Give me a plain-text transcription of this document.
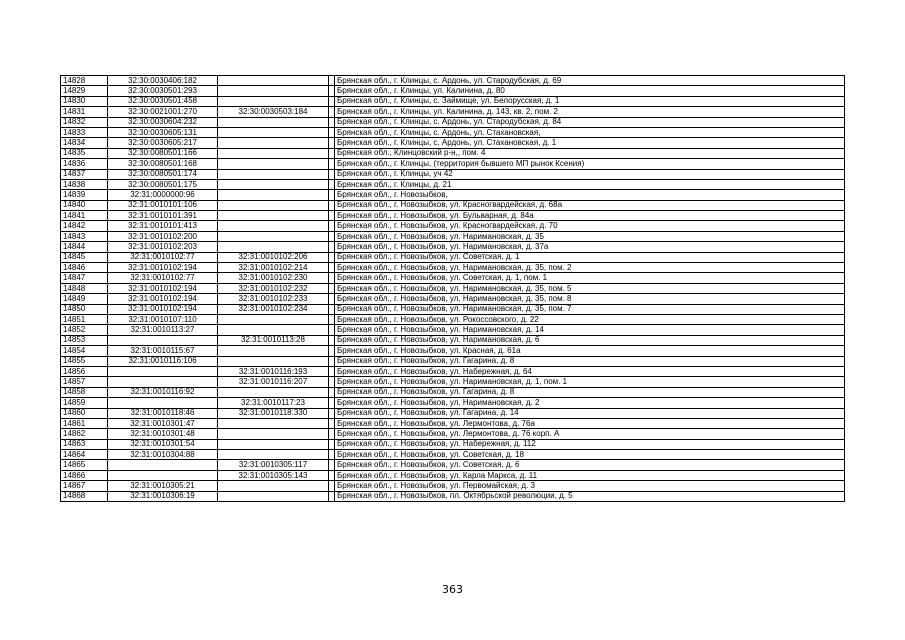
14828	32:30:0030406:182			Брянская обл., г. Клинцы, с. Ардонь, ул. Стародубская, д. 69
14829	32:30:0030501:293			Брянская обл., г. Клинцы, ул. Калинина, д. 80
14830	32:30:0030501:458			Брянская обл., г. Клинцы, с. Займище, ул. Белорусская, д. 1
14831	32:30:0021001:270	32:30:0030503:184		Брянская обл., г. Клинцы, ул. Калинина, д. 143, кв. 2, пом. 2
14832	32:30:0030604:232			Брянская обл., г. Клинцы, с. Ардонь, ул. Стародубская, д. 84
14833	32:30:0030605:131			Брянская обл., г. Клинцы, с. Ардонь, ул. Стахановская,
14834	32:30:0030605:217			Брянская обл., г. Клинцы, с. Ардонь, ул. Стахановская, д. 1
14835	32:30:0080501:166			Брянская обл., Клинцовский р-н,, пом. 4
14836	32:30:0080501:168			Брянская обл., г. Клинцы, (территория бывшего МП рынок Ксения)
14837	32:30:0080501:174			Брянская обл., г. Клинцы, уч 42
14838	32:30:0080501:175			Брянская обл., г. Клинцы, д. 21
14839	32:31:0000000:96			Брянская обл., г. Новозыбков,
14840	32:31:0010101:106			Брянская обл., г. Новозыбков, ул. Красногвардейская, д. 68а
14841	32:31:0010101:391			Брянская обл., г. Новозыбков, ул. Бульварная, д. 84а
14842	32:31:0010101:413			Брянская обл., г. Новозыбков, ул. Красногвардейская, д. 70
14843	32:31:0010102:200			Брянская обл., г. Новозыбков, ул. Наримановская, д. 35
14844	32:31:0010102:203			Брянская обл., г. Новозыбков, ул. Наримановская, д. 37а
14845	32:31:0010102:77	32:31:0010102:206		Брянская обл., г. Новозыбков, ул. Советская, д. 1
14846	32:31:0010102:194	32:31:0010102:214		Брянская обл., г. Новозыбков, ул. Наримановская, д. 35, пом. 2
14847	32:31:0010102:77	32:31:0010102:230		Брянская обл., г. Новозыбков, ул. Советская, д. 1, пом. 1
14848	32:31:0010102:194	32:31:0010102:232		Брянская обл., г. Новозыбков, ул. Наримановская, д. 35, пом. 5
14849	32:31:0010102:194	32:31:0010102:233		Брянская обл., г. Новозыбков, ул. Наримановская, д. 35, пом. 8
14850	32:31:0010102:194	32:31:0010102:234		Брянская обл., г. Новозыбков, ул. Наримановская, д. 35, пом. 7
14851	32:31:0010107:110			Брянская обл., г. Новозыбков, ул. Рокоссовского, д. 22
14852	32:31:0010113:27			Брянская обл., г. Новозыбков, ул. Наримановская, д. 14
14853		32:31:0010113:28		Брянская обл., г. Новозыбков, ул. Наримановская, д. 6
14854	32:31:0010115:67			Брянская обл., г. Новозыбков, ул. Красная, д. 61а
14855	32:31:0010116:106			Брянская обл., г. Новозыбков, ул. Гагарина, д. 8
14856		32:31:0010116:193		Брянская обл., г. Новозыбков, ул. Набережная, д. 64
14857		32:31:0010116:207		Брянская обл., г. Новозыбков, ул. Наримановская, д. 1, пом. 1
14858	32:31:0010116:92			Брянская обл., г. Новозыбков, ул. Гагарина, д. 8
14859		32:31:0010117:23		Брянская обл., г. Новозыбков, ул. Наримановская, д. 2
14860	32:31:0010118:46	32:31:0010118:330		Брянская обл., г. Новозыбков, ул. Гагарина, д. 14
14861	32:31:0010301:47			Брянская обл., г. Новозыбков, ул. Лермонтова, д. 76а
14862	32:31:0010301:48			Брянская обл., г. Новозыбков, ул. Лермонтова, д. 76 корп. А
14863	32:31:0010301:54			Брянская обл., г. Новозыбков, ул. Набережная, д. 112
14864	32:31:0010304:88			Брянская обл., г. Новозыбков, ул. Советская, д. 18
14865		32:31:0010305:117		Брянская обл., г. Новозыбков, ул. Советская, д. 6
14866		32:31:0010305:143		Брянская обл., г. Новозыбков, ул. Карла Маркса, д. 11
14867	32:31:0010305:21			Брянская обл., г. Новозыбков, ул. Первомайская, д. 3
14868	32:31:0010306:19			Брянская обл., г. Новозыбков, пл. Октябрьской революции, д. 5
363
